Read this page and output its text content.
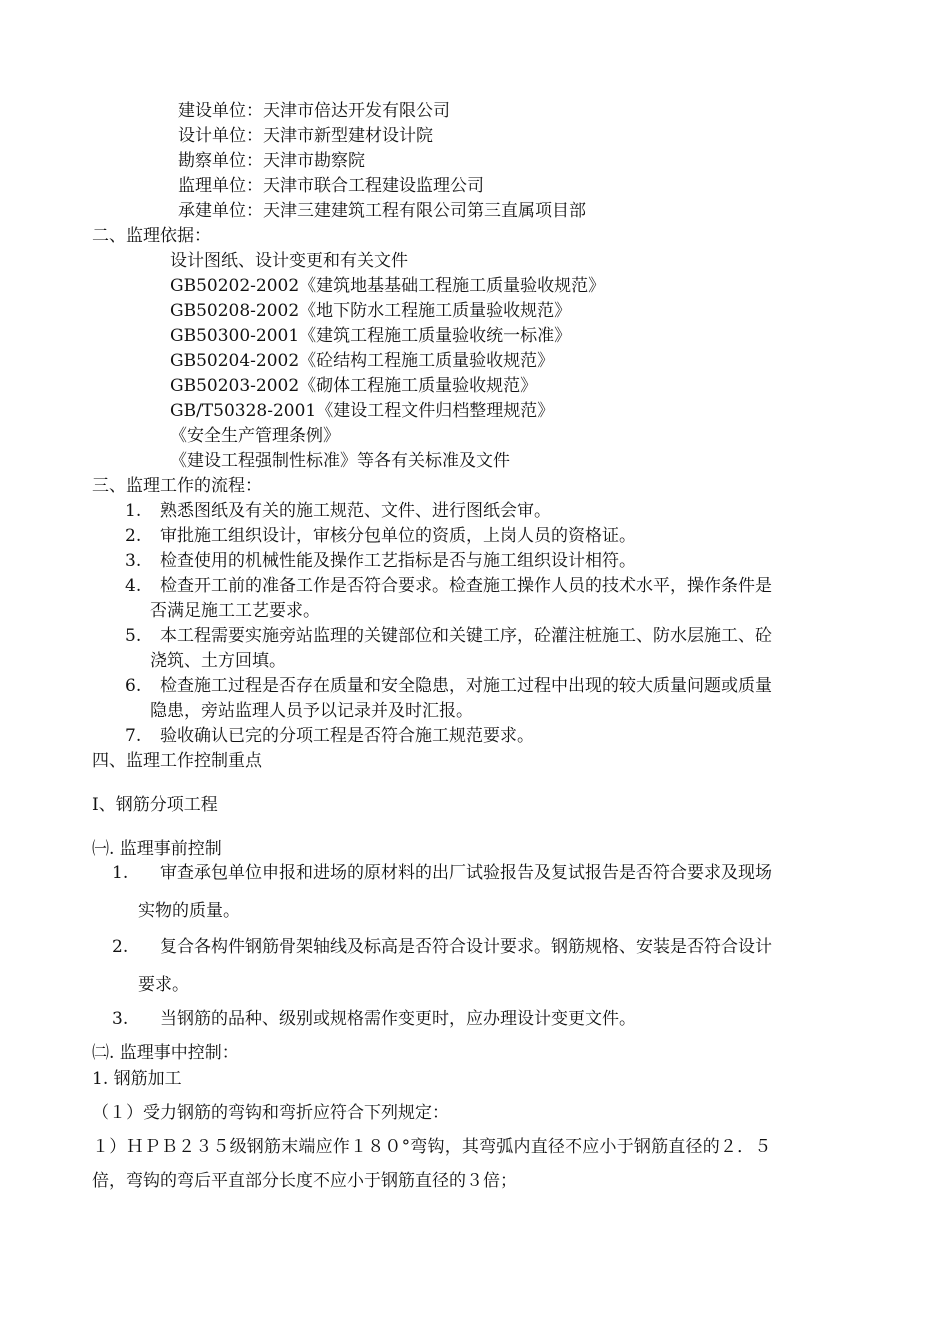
建设单位：天津市倍达开发有限公司
设计单位：天津市新型建材设计院
勘察单位：天津市勘察院
监理单位：天津市联合工程建设监理公司
承建单位：天津三建建筑工程有限公司第三直属项目部
二、监理依据：
设计图纸、设计变更和有关文件
GB50202-2002《建筑地基基础工程施工质量验收规范》
GB50208-2002《地下防水工程施工质量验收规范》
GB50300-2001《建筑工程施工质量验收统一标准》
GB50204-2002《砼结构工程施工质量验收规范》
GB50203-2002《砌体工程施工质量验收规范》
GB/T50328-2001《建设工程文件归档整理规范》
《安全生产管理条例》
《建设工程强制性标准》等各有关标准及文件
三、监理工作的流程：
1. 熟悉图纸及有关的施工规范、文件、进行图纸会审。
2. 审批施工组织设计，审核分包单位的资质，上岗人员的资格证。
3. 检查使用的机械性能及操作工艺指标是否与施工组织设计相符。
4. 检查开工前的准备工作是否符合要求。检查施工操作人员的技术水平，操作条件是
否满足施工工艺要求。
5. 本工程需要实施旁站监理的关键部位和关键工序，砼灌注桩施工、防水层施工、砼
浇筑、土方回填。
6. 检查施工过程是否存在质量和安全隐患，对施工过程中出现的较大质量问题或质量
隐患，旁站监理人员予以记录并及时汇报。
7. 验收确认已完的分项工程是否符合施工规范要求。
四、监理工作控制重点
Ⅰ、钢筋分项工程
㈠. 监理事前控制
1. 审查承包单位申报和进场的原材料的出厂试验报告及复试报告是否符合要求及现场
实物的质量。
2. 复合各构件钢筋骨架轴线及标高是否符合设计要求。钢筋规格、安装是否符合设计
要求。
3. 当钢筋的品种、级别或规格需作变更时，应办理设计变更文件。
㈡. 监理事中控制：
1. 钢筋加工
（１）受力钢筋的弯钩和弯折应符合下列规定：
１）ＨＰＢ２３５级钢筋末端应作１８０°弯钩，其弯弧内直径不应小于钢筋直径的２．５
倍，弯钩的弯后平直部分长度不应小于钢筋直径的３倍；
